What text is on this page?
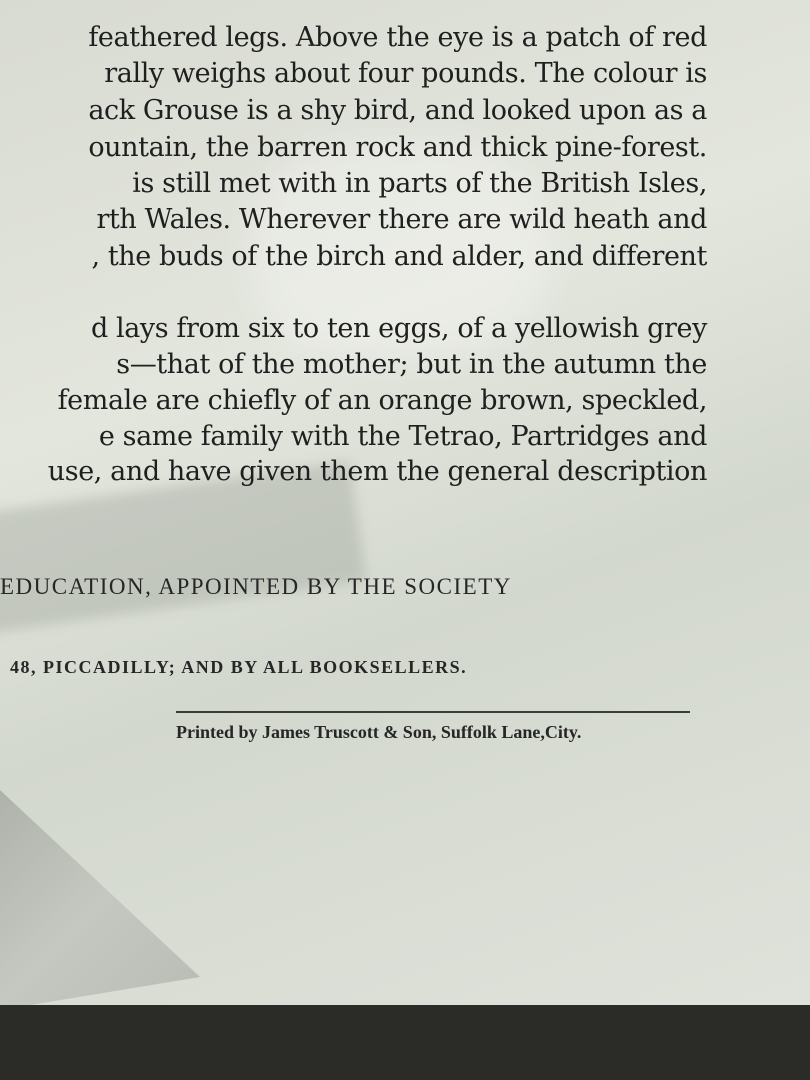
feathered legs. Above the eye is a patch of red
rally weighs about four pounds. The colour is
ack Grouse is a shy bird, and looked upon as a
ountain, the barren rock and thick pine-forest.
is still met with in parts of the British Isles,
rth Wales. Wherever there are wild heath and
, the buds of the birch and alder, and different
d lays from six to ten eggs, of a yellowish grey
s—that of the mother; but in the autumn the
female are chiefly of an orange brown, speckled,
e same family with the Tetrao, Partridges and
use, and have given them the general description
EDUCATION, APPOINTED BY THE SOCIETY
48, PICCADILLY; AND BY ALL BOOKSELLERS.
Printed by James Truscott & Son, Suffolk Lane,City.
